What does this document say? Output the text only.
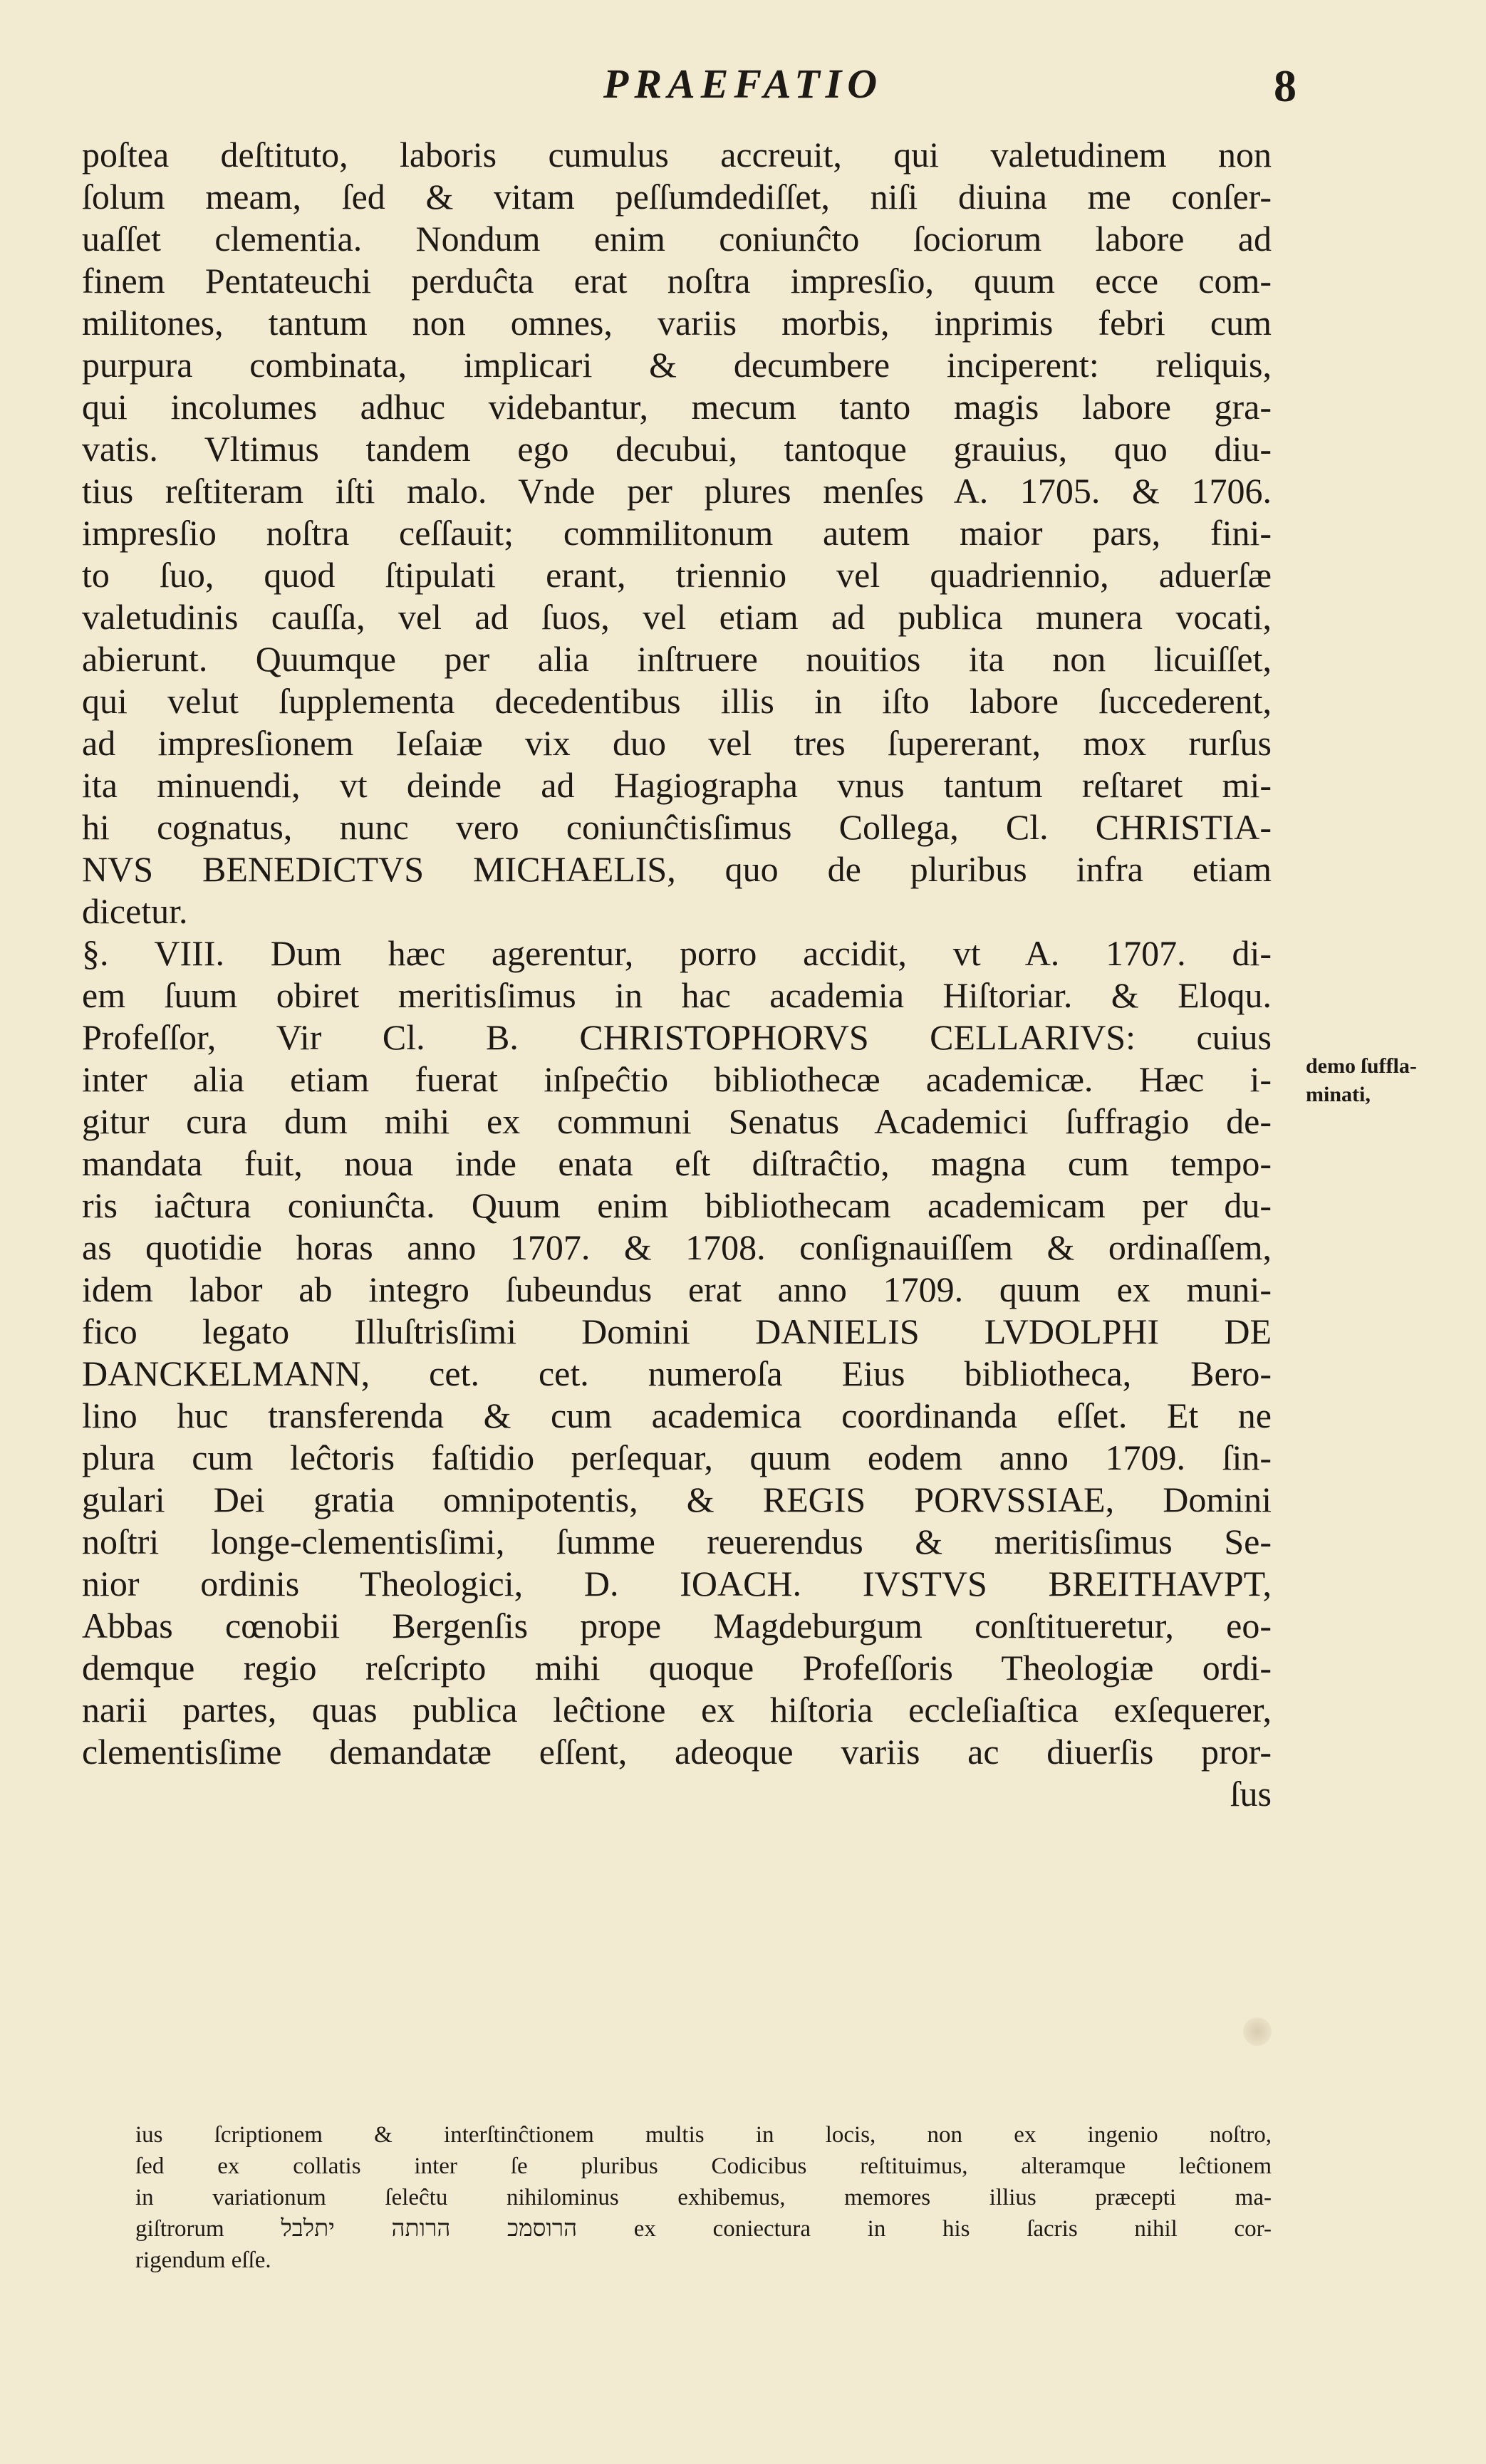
PRAEFATIO	8
poſtea deſtituto, laboris cumulus accreuit, qui valetudinem non
ſolum meam, ſed & vitam peſſumdediſſet, niſi diuina me conſer-
uaſſet clementia. Nondum enim coniunĉto ſociorum labore ad
finem Pentateuchi perduĉta erat noſtra impresſio, quum ecce com-
militones, tantum non omnes, variis morbis, inprimis febri cum
purpura combinata, implicari & decumbere inciperent: reliquis,
qui incolumes adhuc videbantur, mecum tanto magis labore gra-
vatis. Vltimus tandem ego decubui, tantoque grauius, quo diu-
tius reſtiteram iſti malo. Vnde per plures menſes A. 1705. & 1706.
impresſio noſtra ceſſauit; commilitonum autem maior pars, fini-
to ſuo, quod ſtipulati erant, triennio vel quadriennio, aduerſæ
valetudinis cauſſa, vel ad ſuos, vel etiam ad publica munera vocati,
abierunt. Quumque per alia inſtruere nouitios ita non licuiſſet,
qui velut ſupplementa decedentibus illis in iſto labore ſuccederent,
ad impresſionem Ieſaiæ vix duo vel tres ſupererant, mox rurſus
ita minuendi, vt deinde ad Hagiographa vnus tantum reſtaret mi-
hi cognatus, nunc vero coniunĉtisſimus Collega, Cl. CHRISTIA-
NVS BENEDICTVS MICHAELIS, quo de pluribus infra etiam
dicetur.
§. VIII. Dum hæc agerentur, porro accidit, vt A. 1707. di-
em ſuum obiret meritisſimus in hac academia Hiſtoriar. & Eloqu.
Profeſſor, Vir Cl. B. CHRISTOPHORVS CELLARIVS: cuius
inter alia etiam fuerat inſpeĉtio bibliothecæ academicæ. Hæc i-
gitur cura dum mihi ex communi Senatus Academici ſuffragio de-
mandata fuit, noua inde enata eſt diſtraĉtio, magna cum tempo-
ris iaĉtura coniunĉta. Quum enim bibliothecam academicam per du-
as quotidie horas anno 1707. & 1708. conſignauiſſem & ordinaſſem,
idem labor ab integro ſubeundus erat anno 1709. quum ex muni-
fico legato Illuſtrisſimi Domini DANIELIS LVDOLPHI DE
DANCKELMANN, cet. cet. numeroſa Eius bibliotheca, Bero-
lino huc transferenda & cum academica coordinanda eſſet. Et ne
plura cum leĉtoris faſtidio perſequar, quum eodem anno 1709. ſin-
gulari Dei gratia omnipotentis, & REGIS PORVSSIAE, Domini
noſtri longe-clementisſimi, ſumme reuerendus & meritisſimus Se-
nior ordinis Theologici, D. IOACH. IVSTVS BREITHAVPT,
Abbas cœnobii Bergenſis prope Magdeburgum conſtitueretur, eo-
demque regio reſcripto mihi quoque Profeſſoris Theologiæ ordi-
narii partes, quas publica leĉtione ex hiſtoria eccleſiaſtica exſequerer,
clementisſime demandatæ eſſent, adeoque variis ac diuerſis pror-
ſus
demo ſuffla-
minati,
ius ſcriptionem & interſtinĉtionem multis in locis, non ex ingenio noſtro,
ſed ex collatis inter ſe pluribus Codicibus reſtituimus, alteramque leĉtionem
in variationum ſeleĉtu nihilominus exhibemus, memores illius præcepti ma-
giſtrorum הרוסמכ הרותה יתלבל ex coniectura in his ſacris nihil cor-
rigendum eſſe.
